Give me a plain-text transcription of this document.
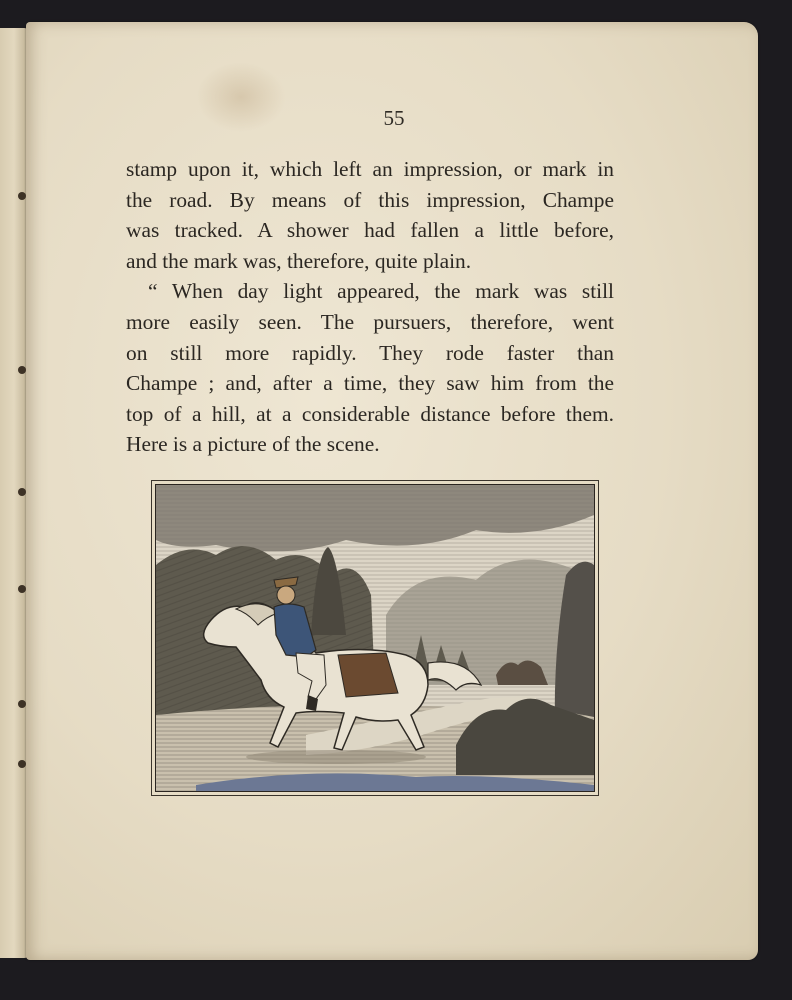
55
stamp upon it, which left an impression, or mark in
the road. By means of this impression, Champe
was tracked. A shower had fallen a little before,
and the mark was, therefore, quite plain.
“ When day light appeared, the mark was still
more easily seen. The pursuers, therefore, went
on still more rapidly. They rode faster than
Champe ; and, after a time, they saw him from the
top of a hill, at a considerable distance before them.
Here is a picture of the scene.
